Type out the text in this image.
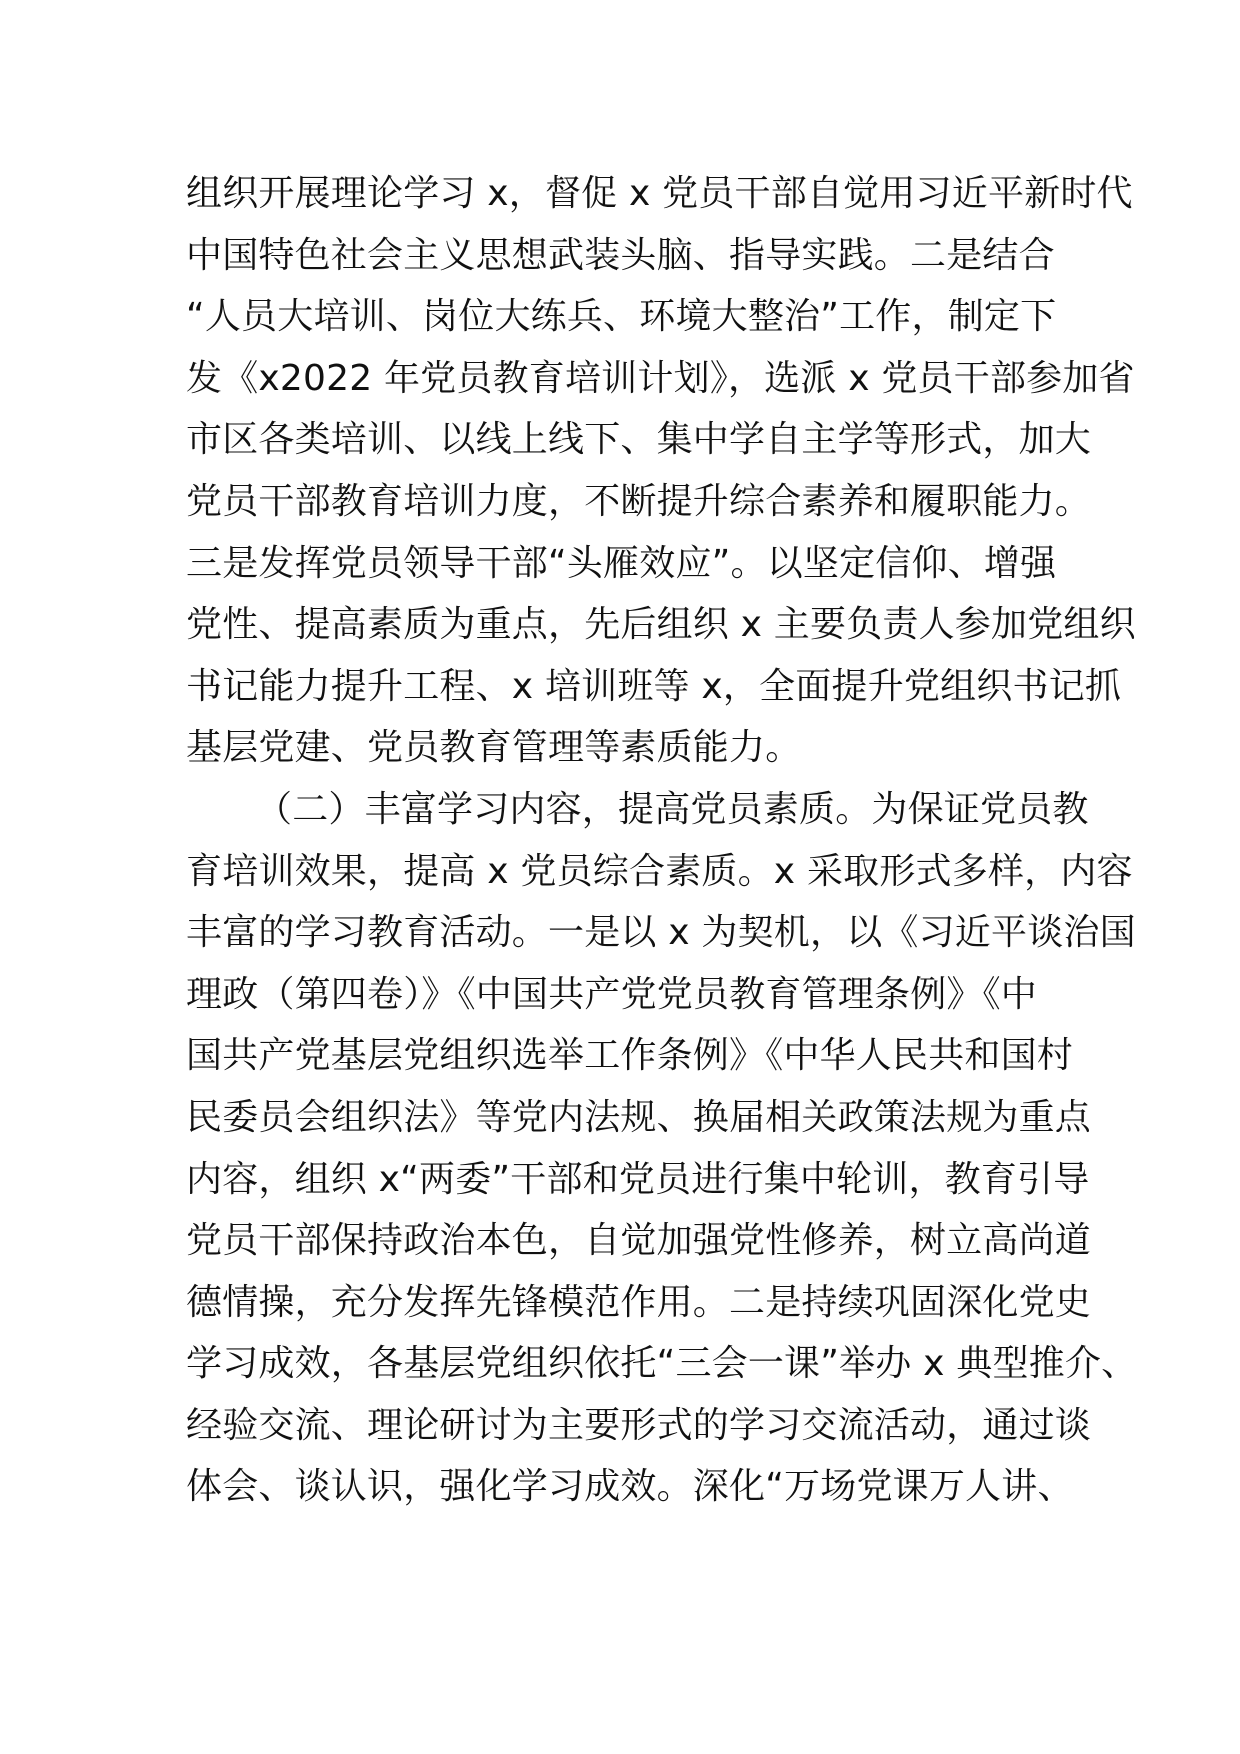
组织开展理论学习 x，督促 x 党员干部自觉用习近平新时代
中国特色社会主义思想武装头脑、指导实践。二是结合
“人员大培训、岗位大练兵、环境大整治”工作，制定下
发《x2022 年党员教育培训计划》，选派 x 党员干部参加省
市区各类培训、以线上线下、集中学自主学等形式，加大
党员干部教育培训力度，不断提升综合素养和履职能力。
三是发挥党员领导干部“头雁效应”。以坚定信仰、增强
党性、提高素质为重点，先后组织 x 主要负责人参加党组织
书记能力提升工程、x 培训班等 x，全面提升党组织书记抓
基层党建、党员教育管理等素质能力。
（二）丰富学习内容，提高党员素质。为保证党员教
育培训效果，提高 x 党员综合素质。x 采取形式多样，内容
丰富的学习教育活动。一是以 x 为契机，以《习近平谈治国
理政（第四卷）》《中国共产党党员教育管理条例》《中
国共产党基层党组织选举工作条例》《中华人民共和国村
民委员会组织法》等党内法规、换届相关政策法规为重点
内容，组织 x“两委”干部和党员进行集中轮训，教育引导
党员干部保持政治本色，自觉加强党性修养，树立高尚道
德情操，充分发挥先锋模范作用。二是持续巩固深化党史
学习成效，各基层党组织依托“三会一课”举办 x 典型推介、
经验交流、理论研讨为主要形式的学习交流活动，通过谈
体会、谈认识，强化学习成效。深化“万场党课万人讲、
